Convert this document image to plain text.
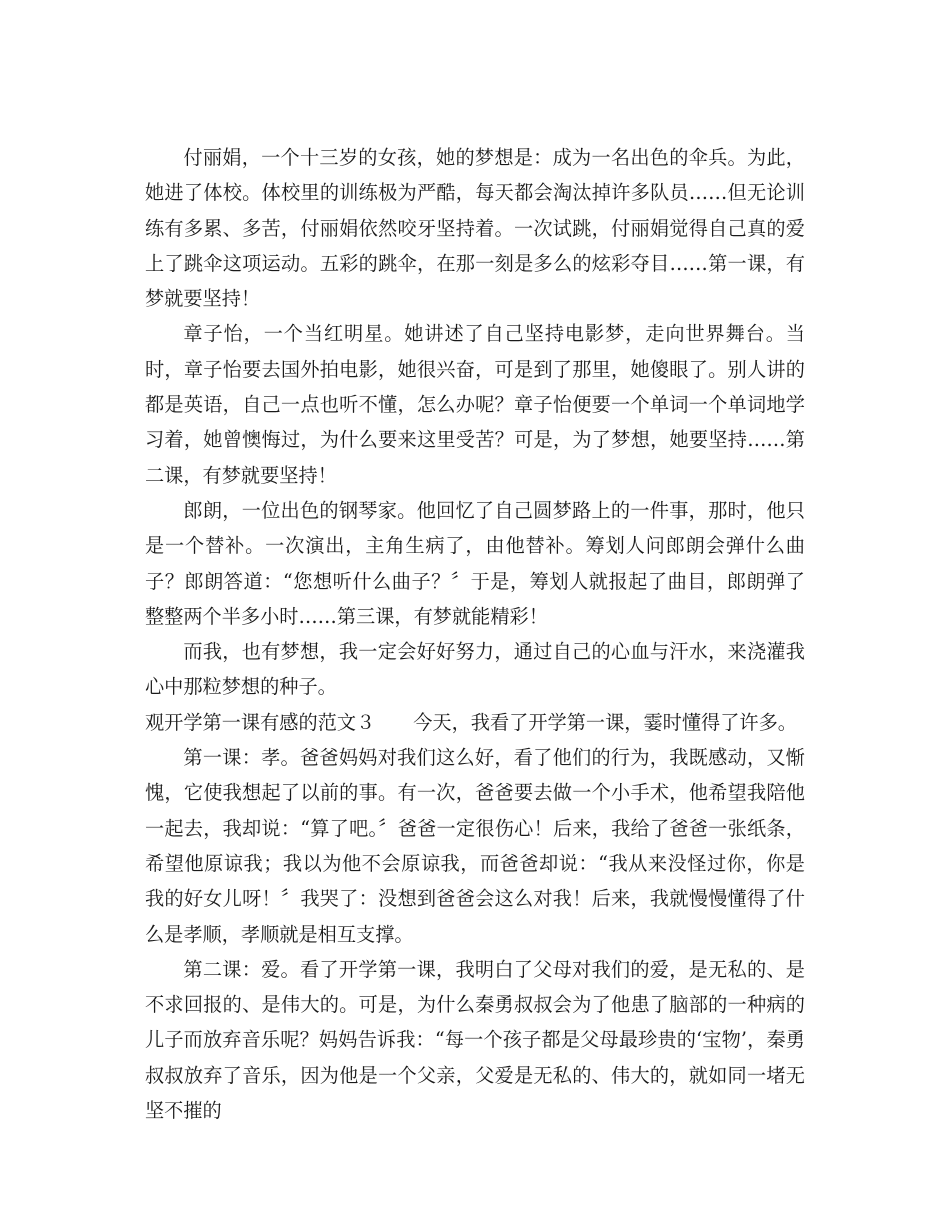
付丽娟，一个十三岁的女孩，她的梦想是：成为一名出色的伞兵。为此，她进了体校。体校里的训练极为严酷，每天都会淘汰掉许多队员……但无论训练有多累、多苦，付丽娟依然咬牙坚持着。一次试跳，付丽娟觉得自己真的爱上了跳伞这项运动。五彩的跳伞，在那一刻是多么的炫彩夺目……第一课，有梦就要坚持！

章子怡，一个当红明星。她讲述了自己坚持电影梦，走向世界舞台。当时，章子怡要去国外拍电影，她很兴奋，可是到了那里，她傻眼了。别人讲的都是英语，自己一点也听不懂，怎么办呢？章子怡便要一个单词一个单词地学习着，她曾懊悔过，为什么要来这里受苦？可是，为了梦想，她要坚持……第二课，有梦就要坚持！

郎朗，一位出色的钢琴家。他回忆了自己圆梦路上的一件事，那时，他只是一个替补。一次演出，主角生病了，由他替补。筹划人问郎朗会弹什么曲子？郎朗答道：“您想听什么曲子？〞于是，筹划人就报起了曲目，郎朗弹了整整两个半多小时……第三课，有梦就能精彩！

而我，也有梦想，我一定会好好努力，通过自己的心血与汗水，来浇灌我心中那粒梦想的种子。

观开学第一课有感的范文３ 今天，我看了开学第一课，霎时懂得了许多。

第一课：孝。爸爸妈妈对我们这么好，看了他们的行为，我既感动，又惭愧，它使我想起了以前的事。有一次，爸爸要去做一个小手术，他希望我陪他一起去，我却说：“算了吧。〞爸爸一定很伤心！后来，我给了爸爸一张纸条，希望他原谅我；我以为他不会原谅我，而爸爸却说：“我从来没怪过你，你是我的好女儿呀！〞我哭了：没想到爸爸会这么对我！后来，我就慢慢懂得了什么是孝顺，孝顺就是相互支撑。

第二课：爱。看了开学第一课，我明白了父母对我们的爱，是无私的、是不求回报的、是伟大的。可是，为什么秦勇叔叔会为了他患了脑部的一种病的儿子而放弃音乐呢？妈妈告诉我：“每一个孩子都是父母最珍贵的‘宝物’，秦勇叔叔放弃了音乐，因为他是一个父亲，父爱是无私的、伟大的，就如同一堵无坚不摧的
